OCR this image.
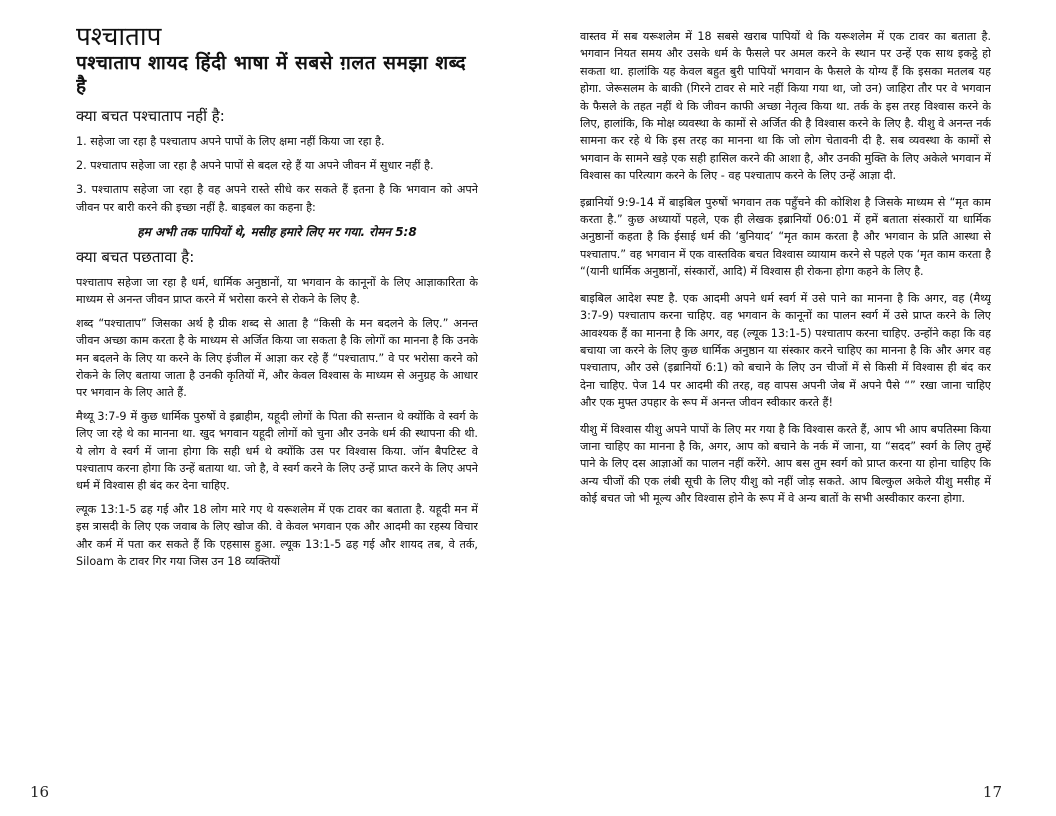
पश्चाताप
पश्चाताप शायद हिंदी भाषा में सबसे ग़लत समझा शब्द है
क्या बचत पश्चाताप नहीं है:

1. सहेजा जा रहा है पश्चाताप अपने पापों के लिए क्षमा नहीं किया जा रहा है.

2. पश्चाताप सहेजा जा रहा है अपने पापों से बदल रहे हैं या अपने जीवन में सुधार नहीं है.

3. पश्चाताप सहेजा जा रहा है वह अपने रास्ते सीधे कर सकते हैं इतना है कि भगवान को अपने जीवन पर बारी करने की इच्छा नहीं है. बाइबल का कहना है:

हम अभी तक पापियों थे, मसीह हमारे लिए मर गया. रोमन 5:8

क्या बचत पछतावा है:

पश्चाताप सहेजा जा रहा है धर्म, धार्मिक अनुष्ठानों, या भगवान के कानूनों के लिए आज्ञाकारिता के माध्यम से अनन्त जीवन प्राप्त करने में भरोसा करने से रोकने के लिए है.

शब्द “पश्चाताप” जिसका अर्थ है ग्रीक शब्द से आता है “किसी के मन बदलने के लिए.” अनन्त जीवन अच्छा काम करता है के माध्यम से अर्जित किया जा सकता है कि लोगों का मानना है कि उनके मन बदलने के लिए या करने के लिए इंजील में आज्ञा कर रहे हैं “पश्चाताप.” वे पर भरोसा करने को रोकने के लिए बताया जाता है उनकी कृतियों में, और केवल विश्वास के माध्यम से अनुग्रह के आधार पर भगवान के लिए आते हैं.

मैथ्यू 3:7-9 में कुछ धार्मिक पुरुषों वे इब्राहीम, यहूदी लोगों के पिता की सन्तान थे क्योंकि वे स्वर्ग के लिए जा रहे थे का मानना था. खुद भगवान यहूदी लोगों को चुना और उनके धर्म की स्थापना की थी. ये लोग वे स्वर्ग में जाना होगा कि सही धर्म थे क्योंकि उस पर विश्वास किया. जॉन बैपटिस्ट वे पश्चाताप करना होगा कि उन्हें बताया था. जो है, वे स्वर्ग करने के लिए उन्हें प्राप्त करने के लिए अपने धर्म में विश्वास ही बंद कर देना चाहिए.

ल्यूक 13:1-5 ढह गई और 18 लोग मारे गए थे यरूशलेम में एक टावर का बताता है. यहूदी मन में इस त्रासदी के लिए एक जवाब के लिए खोज की. वे केवल भगवान एक और आदमी का रहस्य विचार और कर्म में पता कर सकते हैं कि एहसास हुआ. ल्यूक 13:1-5 ढह गई और शायद तब, वे तर्क, Siloam के टावर गिर गया जिस उन 18 व्यक्तियों

16

वास्तव में सब यरूशलेम में 18 सबसे खराब पापियों थे कि यरूशलेम में एक टावर का बताता है. भगवान नियत समय और उसके धर्म के फैसले पर अमल करने के स्थान पर उन्हें एक साथ इकट्ठे हो सकता था. हालांकि यह केवल बहुत बुरी पापियों भगवान के फैसले के योग्य हैं कि इसका मतलब यह होगा. जेरूसलम के बाकी (गिरने टावर से मारे नहीं किया गया था, जो उन) जाहिरा तौर पर वे भगवान के फैसले के तहत नहीं थे कि जीवन काफी अच्छा नेतृत्व किया था. तर्क के इस तरह विश्वास करने के लिए, हालांकि, कि मोक्ष व्यवस्था के कामों से अर्जित की है विश्वास करने के लिए है. यीशु वे अनन्त नर्क सामना कर रहे थे कि इस तरह का मानना था कि जो लोग चेतावनी दी है. सब व्यवस्था के कामों से भगवान के सामने खड़े एक सही हासिल करने की आशा है, और उनकी मुक्ति के लिए अकेले भगवान में विश्वास का परित्याग करने के लिए - वह पश्चाताप करने के लिए उन्हें आज्ञा दी.

इब्रानियों 9:9-14 में बाइबिल पुरुषों भगवान तक पहुँचने की कोशिश है जिसके माध्यम से “मृत काम करता है.” कुछ अध्यायों पहले, एक ही लेखक इब्रानियों 06:01 में हमें बताता संस्कारों या धार्मिक अनुष्ठानों कहता है कि ईसाई धर्म की ‘बुनियाद’ “मृत काम करता है और भगवान के प्रति आस्था से पश्चाताप.” वह भगवान में एक वास्तविक बचत विश्वास व्यायाम करने से पहले एक ‘मृत काम करता है “(यानी धार्मिक अनुष्ठानों, संस्कारों, आदि) में विश्वास ही रोकना होगा कहने के लिए है.

बाइबिल आदेश स्पष्ट है. एक आदमी अपने धर्म स्वर्ग में उसे पाने का मानना है कि अगर, वह (मैथ्यू 3:7-9) पश्चाताप करना चाहिए. वह भगवान के कानूनों का पालन स्वर्ग में उसे प्राप्त करने के लिए आवश्यक हैं का मानना है कि अगर, वह (ल्यूक 13:1-5) पश्चाताप करना चाहिए. उन्होंने कहा कि वह बचाया जा करने के लिए कुछ धार्मिक अनुष्ठान या संस्कार करने चाहिए का मानना है कि और अगर वह पश्चाताप, और उसे (इब्रानियों 6:1) को बचाने के लिए उन चीजों में से किसी में विश्वास ही बंद कर देना चाहिए. पेज 14 पर आदमी की तरह, वह वापस अपनी जेब में अपने पैसे “” रखा जाना चाहिए और एक मुफ्त उपहार के रूप में अनन्त जीवन स्वीकार करते हैं!

यीशु में विश्वास यीशु अपने पापों के लिए मर गया है कि विश्वास करते हैं, आप भी आप बपतिस्मा किया जाना चाहिए का मानना है कि, अगर, आप को बचाने के नर्क में जाना, या “सदद” स्वर्ग के लिए तुम्हें पाने के लिए दस आज्ञाओं का पालन नहीं करेंगे. आप बस तुम स्वर्ग को प्राप्त करना या होना चाहिए कि अन्य चीजों की एक लंबी सूची के लिए यीशु को नहीं जोड़ सकते. आप बिल्कुल अकेले यीशु मसीह में कोई बचत जो भी मूल्य और विश्वास होने के रूप में वे अन्य बातों के सभी अस्वीकार करना होगा.

17
